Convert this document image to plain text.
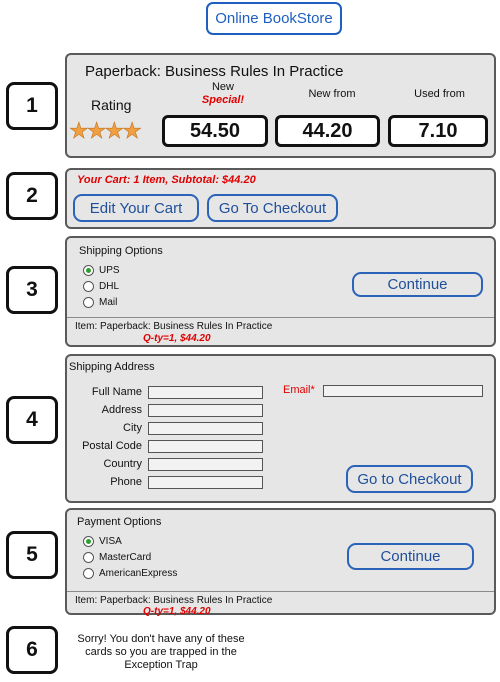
Online BookStore
1
2
3
4
5
6
Paperback: Business Rules In Practice
Rating
★★★★
New
Special!
54.50
New from
44.20
Used from
7.10
Your Cart: 1 Item, Subtotal: $44.20
Edit Your Cart	Go To Checkout
Shipping Options
UPS
DHL
Mail
Continue
Item: Paperback: Business Rules In Practice
Q-ty=1, $44.20
Shipping Address
Full Name
Address
City
Postal Code
Country
Phone
Email*
Go to Checkout
Payment Options
VISA
MasterCard
AmericanExpress
Continue
Item: Paperback: Business Rules In Practice
Q-ty=1, $44.20
Sorry! You don't have any of these
cards so you are trapped in the
Exception Trap
